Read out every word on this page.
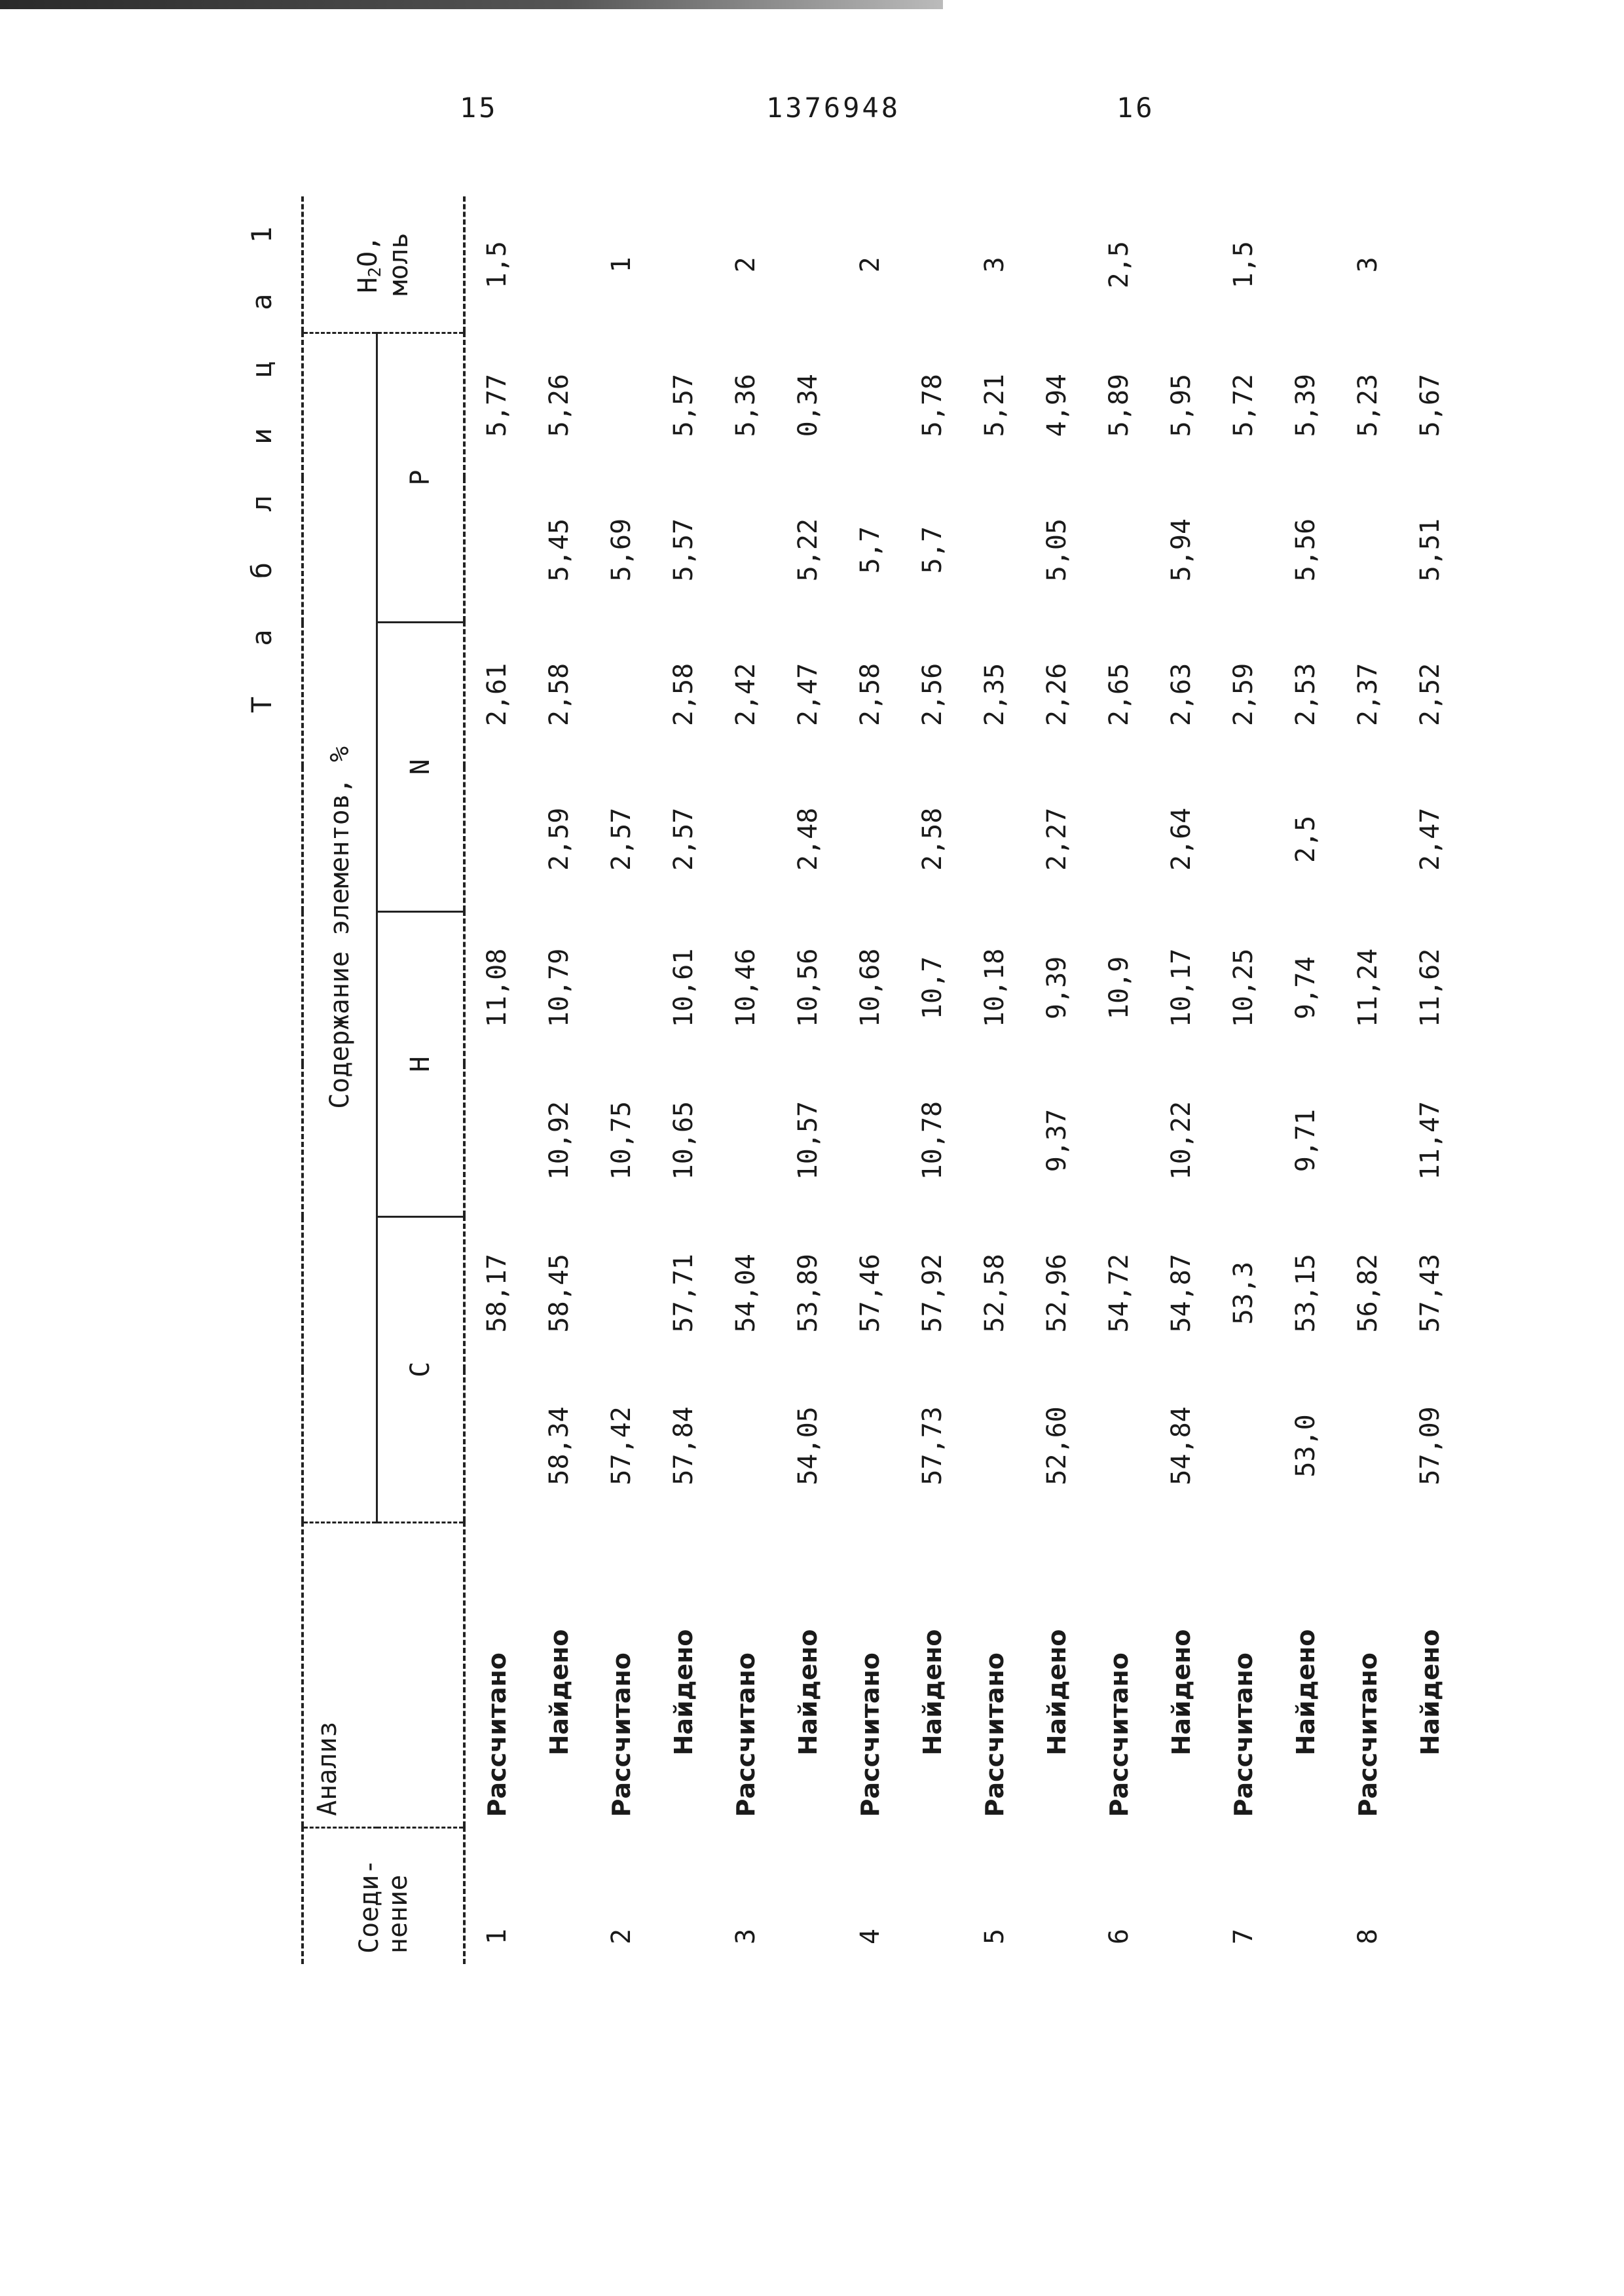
15	1376948	16
Т а б л и ц а 1
Соеди- нение	Анализ	Содержание элементов, %								H2O,
моль
		C		H		N		P		
1	Рассчитано		58,17		11,08		2,61		5,77	1,5
	Найдено	58,34	58,45	10,92	10,79	2,59	2,58	5,45	5,26	
2	Рассчитано	57,42		10,75		2,57		5,69		1
	Найдено	57,84	57,71	10,65	10,61	2,57	2,58	5,57	5,57	
3	Рассчитано		54,04		10,46		2,42		5,36	2
	Найдено	54,05	53,89	10,57	10,56	2,48	2,47	5,22	0,34	
4	Рассчитано		57,46		10,68		2,58	5,7		2
	Найдено	57,73	57,92	10,78	10,7	2,58	2,56	5,7	5,78	
5	Рассчитано		52,58		10,18		2,35		5,21	3
	Найдено	52,60	52,96	9,37	9,39	2,27	2,26	5,05	4,94	
6	Рассчитано		54,72		10,9		2,65		5,89	2,5
	Найдено	54,84	54,87	10,22	10,17	2,64	2,63	5,94	5,95	
7	Рассчитано		53,3		10,25		2,59		5,72	1,5
	Найдено	53,0	53,15	9,71	9,74	2,5	2,53	5,56	5,39	
8	Рассчитано		56,82		11,24		2,37		5,23	3
	Найдено	57,09	57,43	11,47	11,62	2,47	2,52	5,51	5,67	
